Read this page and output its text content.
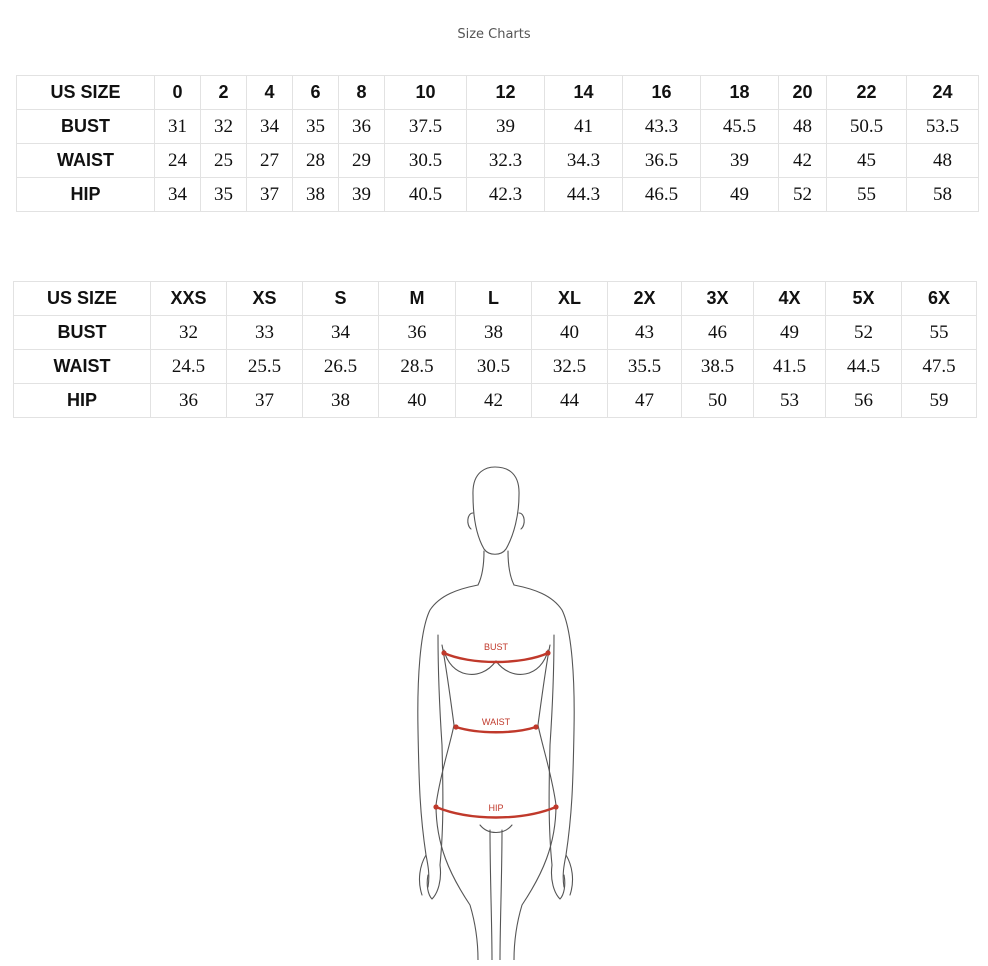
Size Charts
US SIZE	0	2	4	6	8	10	12	14	16	18	20	22	24
BUST	31	32	34	35	36	37.5	39	41	43.3	45.5	48	50.5	53.5
WAIST	24	25	27	28	29	30.5	32.3	34.3	36.5	39	42	45	48
HIP	34	35	37	38	39	40.5	42.3	44.3	46.5	49	52	55	58
US SIZE	XXS	XS	S	M	L	XL	2X	3X	4X	5X	6X
BUST	32	33	34	36	38	40	43	46	49	52	55
WAIST	24.5	25.5	26.5	28.5	30.5	32.5	35.5	38.5	41.5	44.5	47.5
HIP	36	37	38	40	42	44	47	50	53	56	59
BUST
WAIST
HIP
